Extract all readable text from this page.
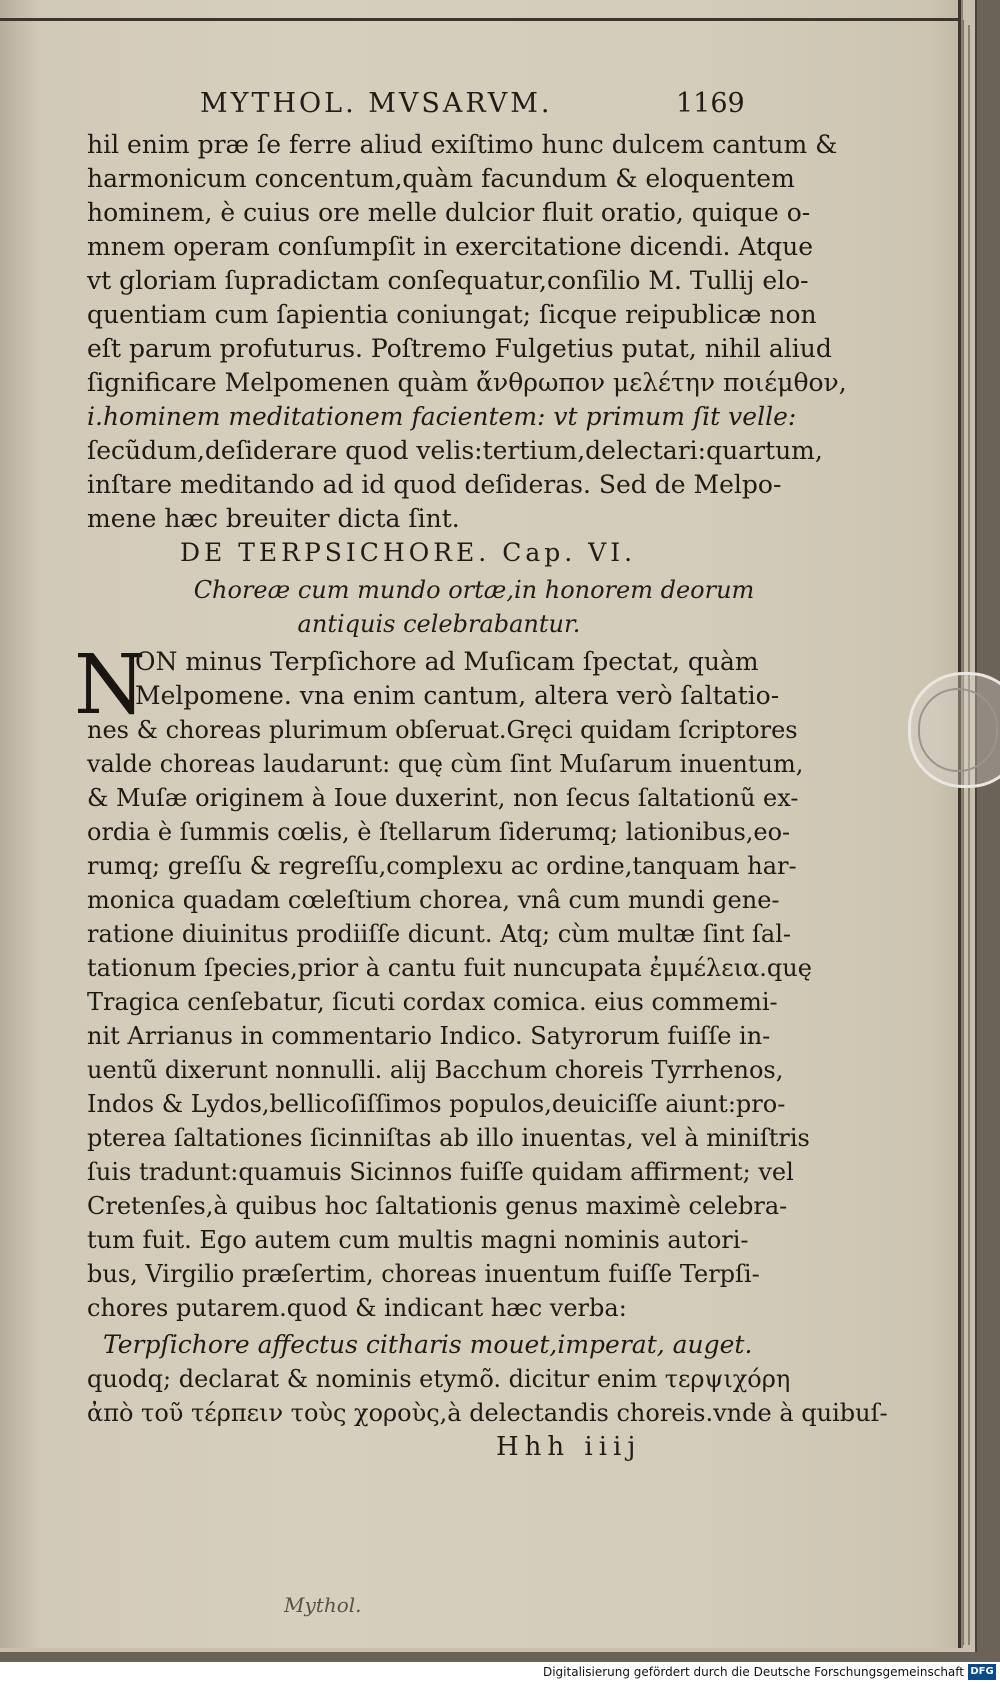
MYTHOL. MVSARVM.	1169
hil enim præ ſe ferre aliud exiſtimo hunc dulcem cantum &
harmonicum concentum,quàm facundum & eloquentem
hominem, è cuius ore melle dulcior fluit oratio, quique o-
mnem operam conſumpſit in exercitatione dicendi. Atque
vt gloriam ſupradictam conſequatur,conſilio M. Tullij elo-
quentiam cum ſapientia coniungat; ſicque reipublicæ non
eſt parum profuturus. Poſtremo Fulgetius putat, nihil aliud
ſignificare Melpomenen quàm ἄνθρωπον μελέτην ποιέμθον,
i.hominem meditationem facientem: vt primum ſit velle:
ſecũdum,deſiderare quod velis:tertium,delectari:quartum,
inſtare meditando ad id quod deſideras. Sed de Melpo-
mene hæc breuiter dicta ſint.
DE TERPSICHORE. Cap. VI.
Choreæ cum mundo ortæ,in honorem deorum
antiquis celebrabantur.
N
ON minus Terpſichore ad Muſicam ſpectat, quàm
Melpomene. vna enim cantum, altera verò ſaltatio-
nes & choreas plurimum obſeruat.Gręci quidam ſcriptores
valde choreas laudarunt: quę cùm ſint Muſarum inuentum,
& Muſæ originem à Ioue duxerint, non ſecus ſaltationũ ex-
ordia è ſummis cœlis, è ſtellarum ſiderumq; lationibus,eo-
rumq; greſſu & regreſſu,complexu ac ordine,tanquam har-
monica quadam cœleſtium chorea, vnâ cum mundi gene-
ratione diuinitus prodiiſſe dicunt. Atq; cùm multæ ſint ſal-
tationum ſpecies,prior à cantu fuit nuncupata ἐμμέλεια.quę
Tragica cenſebatur, ſicuti cordax comica. eius commemi-
nit Arrianus in commentario Indico. Satyrorum fuiſſe in-
uentũ dixerunt nonnulli. alij Bacchum choreis Tyrrhenos,
Indos & Lydos,bellicoſiſſimos populos,deuiciſſe aiunt:pro-
pterea ſaltationes ſicinniſtas ab illo inuentas, vel à miniſtris
ſuis tradunt:quamuis Sicinnos fuiſſe quidam affirment; vel
Cretenſes,à quibus hoc ſaltationis genus maximè celebra-
tum fuit. Ego autem cum multis magni nominis autori-
bus, Virgilio præſertim, choreas inuentum fuiſſe Terpſi-
chores putarem.quod & indicant hæc verba:
Terpſichore affectus citharis mouet,imperat, auget.
quodq; declarat & nominis etymõ. dicitur enim τερψιχόρη
ἀπὸ τοῦ τέρπειν τοὺς χοροὺς,à delectandis choreis.vnde à quibuſ-
Hhh iiij
Mythol.
Digitalisierung gefördert durch die Deutsche Forschungsgemeinschaft DFG
